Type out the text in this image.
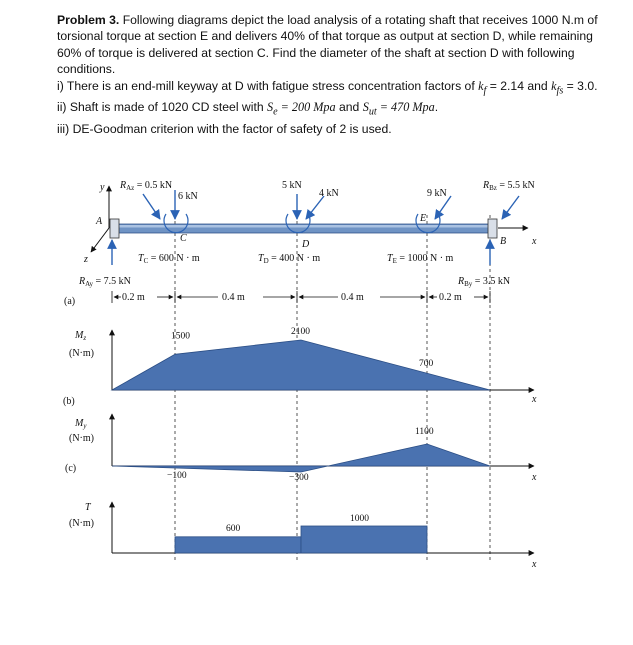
Problem 3. Following diagrams depict the load analysis of a rotating shaft that receives 1000 N.m of torsional torque at section E and delivers 40% of that torque as output at section D, while remaining 60% of torque is delivered at section C. Find the diameter of the shaft at section D with following conditions.

i) There is an end-mill keyway at D with fatigue stress concentration factors of $k_f = 2.14$ and $k_{fs} = 3.0$.

ii) Shaft is made of 1020 CD steel with $S_e = 200$ Mpa and $S_{ut} = 470$ Mpa.

iii) DE-Goodman criterion with the factor of safety of 2 is used.

(a)
y
z
x
A
B
C
D
E
$R_{Az} = 0.5$ kN
6 kN
5 kN
4 kN	9 kN
$R_{Bz} = 5.5$ kN
$T_C = 600$ N · m	$T_D = 400$ N · m	$T_E = 1000$ N · m
$R_{Ay} = 7.5$ kN	$R_{By} = 3.5$ kN
0.2 m	0.4 m	0.4 m	0.2 m
$M_z$
(N·m)
1500	2100
700
(b)	x
$M_y$
(N·m)
−100	−300
1100
(c)
x
T
(N·m)	600
1000
x
